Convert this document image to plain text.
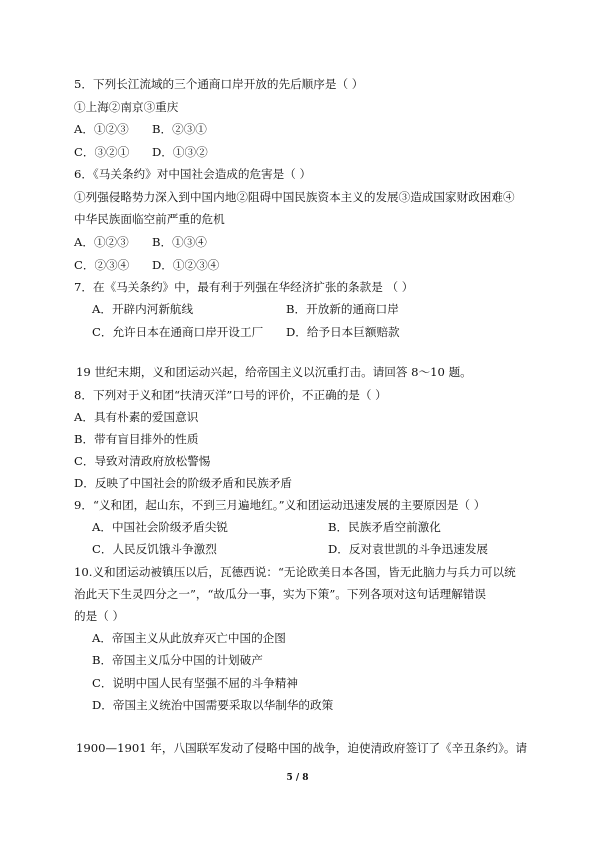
5．下列长江流域的三个通商口岸开放的先后顺序是（ ）
①上海②南京③重庆
A．①②③ B．②③①
C．③②① D．①③②
6．《马关条约》对中国社会造成的危害是（ ）
①列强侵略势力深入到中国内地②阻碍中国民族资本主义的发展③造成国家财政困难④
中华民族面临空前严重的危机
A．①②③ B．①③④
C．②③④ D．①②③④
7．在《马关条约》中，最有利于列强在华经济扩张的条款是 （ ）
A．开辟内河新航线	B．开放新的通商口岸
C．允许日本在通商口岸开设工厂 D．给予日本巨额赔款
19 世纪末期，义和团运动兴起，给帝国主义以沉重打击。请回答 8～10 题。
8．下列对于义和团“扶清灭洋”口号的评价，不正确的是（ ）
A．具有朴素的爱国意识
B．带有盲目排外的性质
C．导致对清政府放松警惕
D．反映了中国社会的阶级矛盾和民族矛盾
9．“义和团，起山东，不到三月遍地红。”义和团运动迅速发展的主要原因是（ ）
A．中国社会阶级矛盾尖锐	B．民族矛盾空前激化
C．人民反饥饿斗争激烈	D．反对袁世凯的斗争迅速发展
10.义和团运动被镇压以后，瓦德西说：“无论欧美日本各国，皆无此脑力与兵力可以统
治此天下生灵四分之一”，“故瓜分一事，实为下策”。下列各项对这句话理解错误
的是（ ）
A．帝国主义从此放弃灭亡中国的企图
B．帝国主义瓜分中国的计划破产
C．说明中国人民有坚强不屈的斗争精神
D．帝国主义统治中国需要采取以华制华的政策
1900—1901 年，八国联军发动了侵略中国的战争，迫使清政府签订了《辛丑条约》。请
5 / 8
